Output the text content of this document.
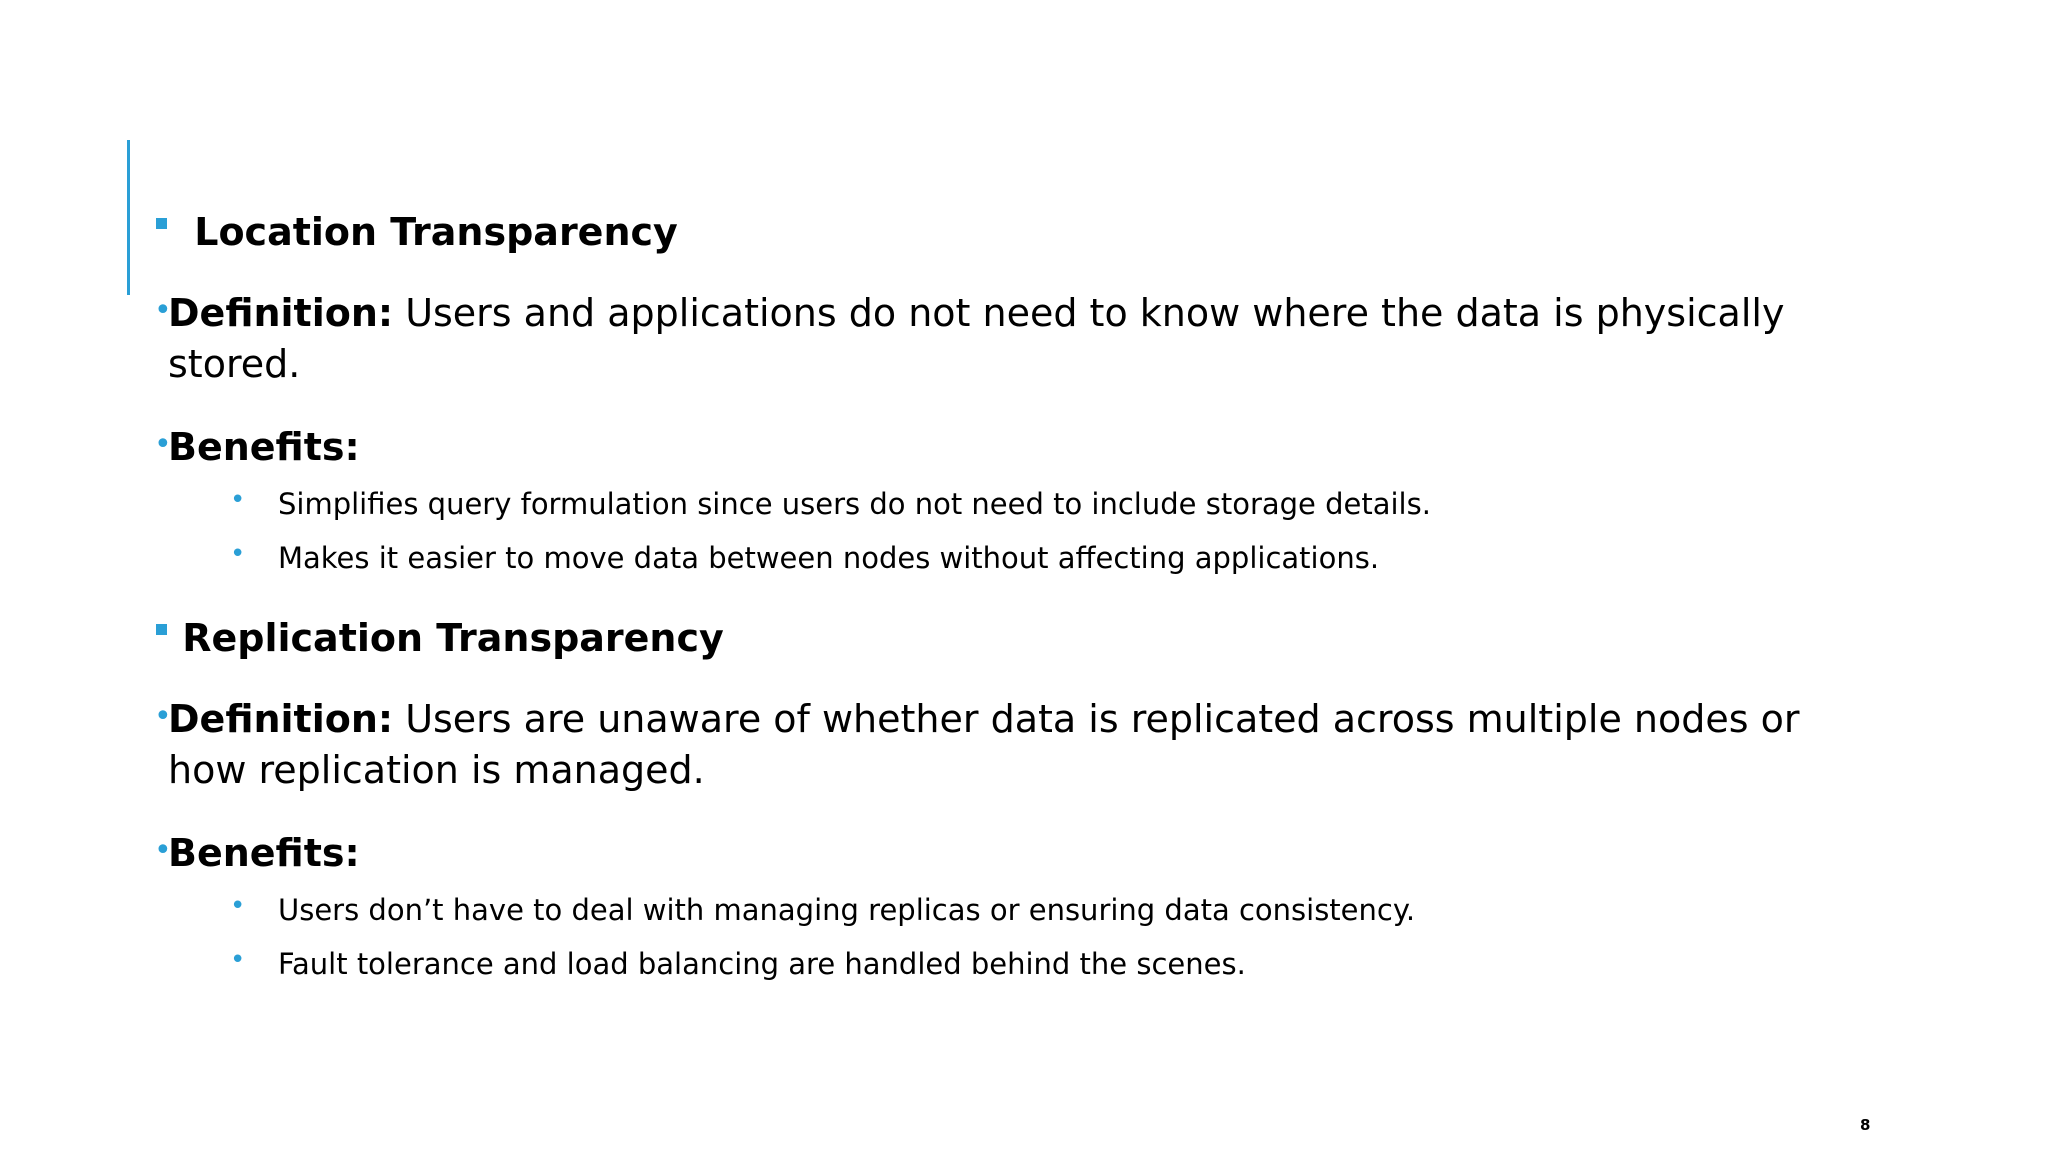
Location Transparency
•
Definition: Users and applications do not need to know where the data is physically stored.
•
Benefits:
• Simplifies query formulation since users do not need to include storage details.
• Makes it easier to move data between nodes without affecting applications.
Replication Transparency
•
Definition: Users are unaware of whether data is replicated across multiple nodes or how replication is managed.
•
Benefits:
• Users don’t have to deal with managing replicas or ensuring data consistency.
• Fault tolerance and load balancing are handled behind the scenes.
8
